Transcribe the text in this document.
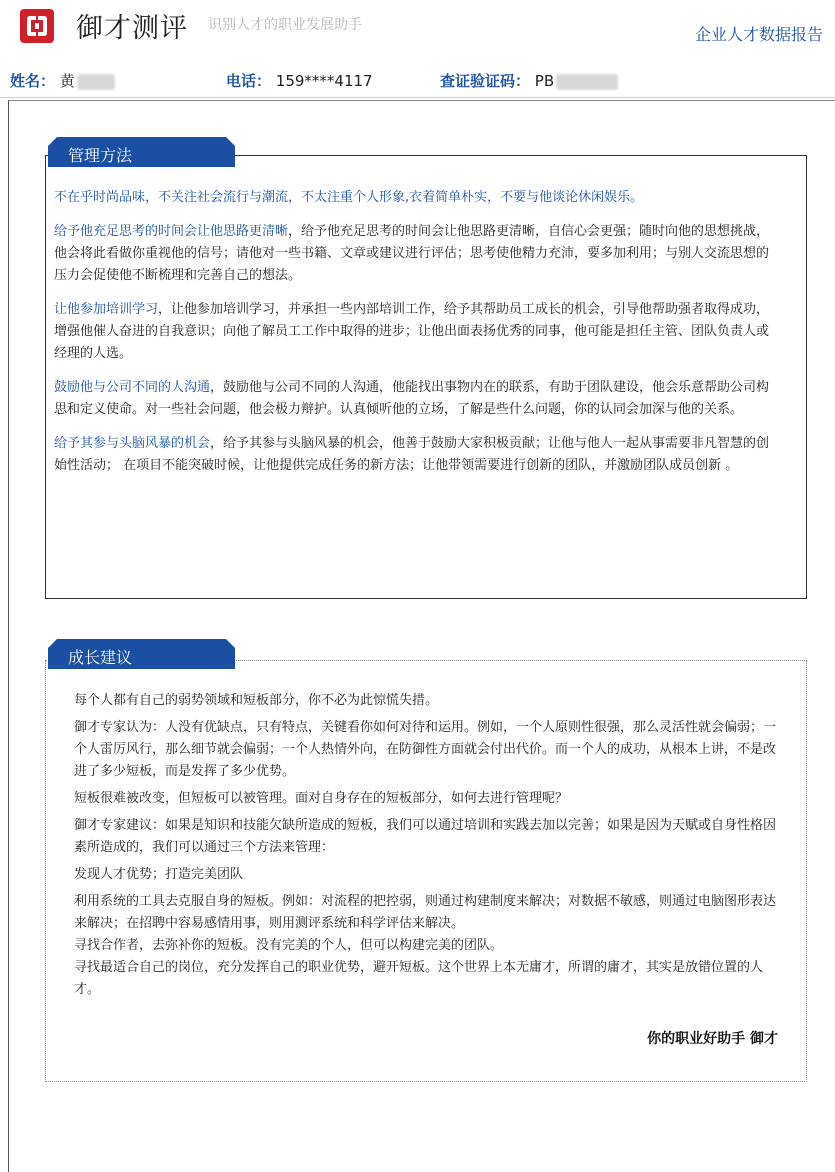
御才测评 识别人才的职业发展助手	企业人才数据报告
姓名： 黄	电话： 159****4117	查证验证码： PB
管理方法

不在乎时尚品味，不关注社会流行与潮流，不太注重个人形象,衣着简单朴实，不要与他谈论休闲娱乐。

给予他充足思考的时间会让他思路更清晰，给予他充足思考的时间会让他思路更清晰，自信心会更强；随时向他的思想挑战，他会将此看做你重视他的信号；请他对一些书籍、文章或建议进行评估；思考使他精力充沛，要多加利用；与别人交流思想的压力会促使他不断梳理和完善自己的想法。

让他参加培训学习，让他参加培训学习，并承担一些内部培训工作，给予其帮助员工成长的机会，引导他帮助强者取得成功，增强他催人奋进的自我意识；向他了解员工工作中取得的进步；让他出面表扬优秀的同事，他可能是担任主管、团队负责人或经理的人选。

鼓励他与公司不同的人沟通，鼓励他与公司不同的人沟通，他能找出事物内在的联系，有助于团队建设，他会乐意帮助公司构思和定义使命。对一些社会问题，他会极力辩护。认真倾听他的立场，了解是些什么问题，你的认同会加深与他的关系。

给予其参与头脑风暴的机会，给予其参与头脑风暴的机会，他善于鼓励大家积极贡献；让他与他人一起从事需要非凡智慧的创始性活动； 在项目不能突破时候，让他提供完成任务的新方法；让他带领需要进行创新的团队，并激励团队成员创新 。

成长建议

每个人都有自己的弱势领域和短板部分，你不必为此惊慌失措。

御才专家认为：人没有优缺点，只有特点，关键看你如何对待和运用。例如，一个人原则性很强，那么灵活性就会偏弱；一个人雷厉风行，那么细节就会偏弱；一个人热情外向，在防御性方面就会付出代价。而一个人的成功，从根本上讲，不是改进了多少短板，而是发挥了多少优势。

短板很难被改变，但短板可以被管理。面对自身存在的短板部分，如何去进行管理呢？

御才专家建议：如果是知识和技能欠缺所造成的短板，我们可以通过培训和实践去加以完善；如果是因为天赋或自身性格因素所造成的，我们可以通过三个方法来管理：

发现人才优势；打造完美团队

利用系统的工具去克服自身的短板。例如：对流程的把控弱，则通过构建制度来解决；对数据不敏感，则通过电脑图形表达来解决；在招聘中容易感情用事，则用测评系统和科学评估来解决。

寻找合作者，去弥补你的短板。没有完美的个人，但可以构建完美的团队。

寻找最适合自己的岗位，充分发挥自己的职业优势，避开短板。这个世界上本无庸才，所谓的庸才，其实是放错位置的人才。

你的职业好助手 御才
